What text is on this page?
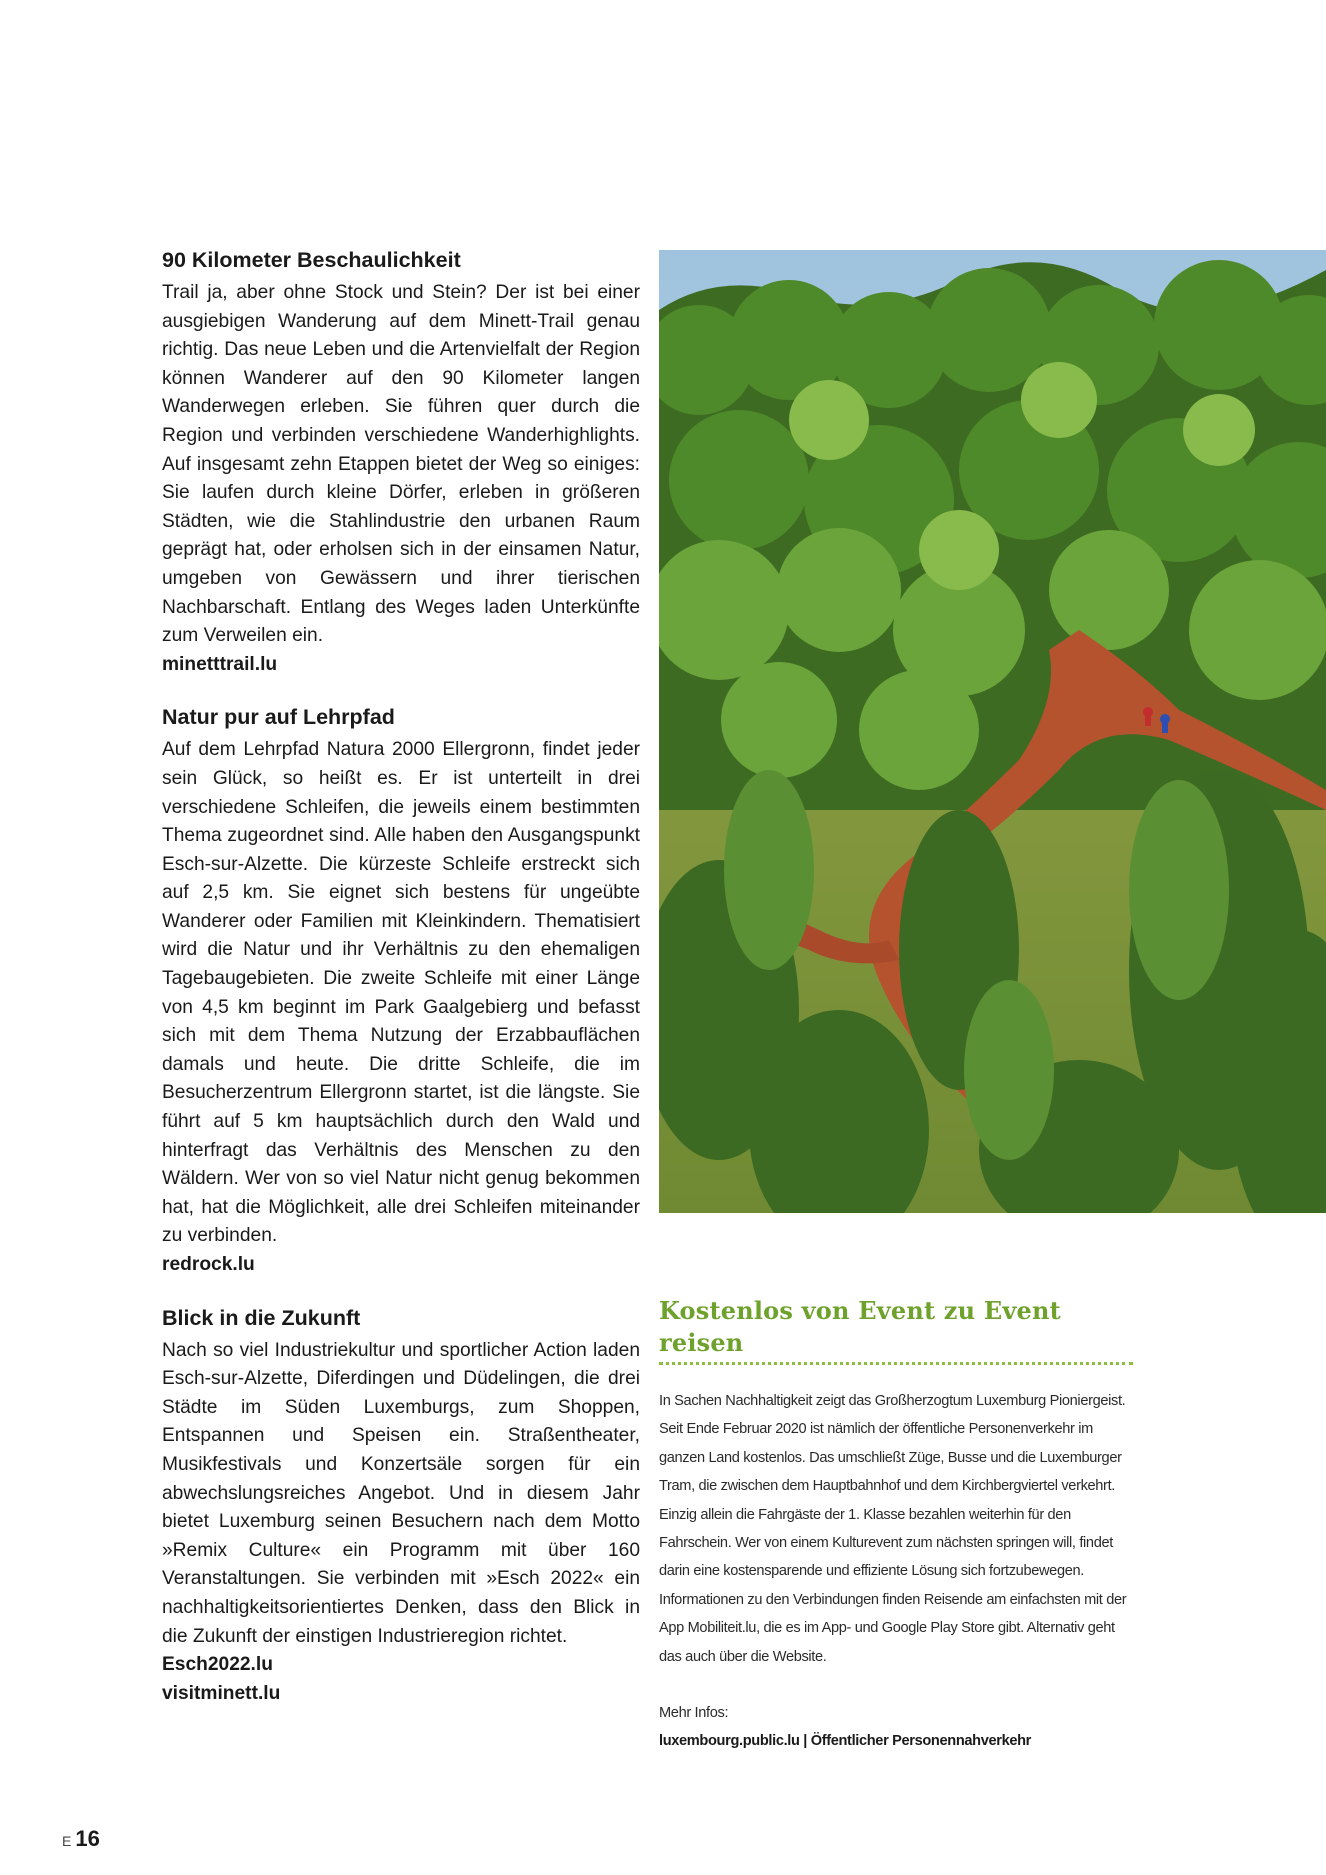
90 Kilometer Beschaulichkeit

Trail ja, aber ohne Stock und Stein? Der ist bei einer ausgiebigen Wanderung auf dem Minett-Trail genau richtig. Das neue Leben und die Artenvielfalt der Region können Wanderer auf den 90 Kilometer langen Wanderwegen erleben. Sie führen quer durch die Region und verbinden verschiedene Wanderhighlights. Auf insgesamt zehn Etappen bietet der Weg so einiges: Sie laufen durch kleine Dörfer, erleben in größeren Städten, wie die Stahlindustrie den urbanen Raum geprägt hat, oder erholsen sich in der einsamen Natur, umgeben von Gewässern und ihrer tierischen Nachbarschaft. Entlang des Weges laden Unterkünfte zum Verweilen ein.

minetttrail.lu
Natur pur auf Lehrpfad

Auf dem Lehrpfad Natura 2000 Ellergronn, findet jeder sein Glück, so heißt es. Er ist unterteilt in drei verschiedene Schleifen, die jeweils einem bestimmten Thema zugeordnet sind. Alle haben den Ausgangspunkt Esch-sur-Alzette. Die kürzeste Schleife erstreckt sich auf 2,5 km. Sie eignet sich bestens für ungeübte Wanderer oder Familien mit Kleinkindern. Thematisiert wird die Natur und ihr Verhältnis zu den ehemaligen Tagebaugebieten. Die zweite Schleife mit einer Länge von 4,5 km beginnt im Park Gaalgebierg und befasst sich mit dem Thema Nutzung der Erzabbauflächen damals und heute. Die dritte Schleife, die im Besucherzentrum Ellergronn startet, ist die längste. Sie führt auf 5 km hauptsächlich durch den Wald und hinterfragt das Verhältnis des Menschen zu den Wäldern. Wer von so viel Natur nicht genug bekommen hat, hat die Möglichkeit, alle drei Schleifen miteinander zu verbinden.

redrock.lu
Blick in die Zukunft

Nach so viel Industriekultur und sportlicher Action laden Esch-sur-Alzette, Diferdingen und Düdelingen, die drei Städte im Süden Luxemburgs, zum Shoppen, Entspannen und Speisen ein. Straßentheater, Musikfestivals und Konzertsäle sorgen für ein abwechslungsreiches Angebot. Und in diesem Jahr bietet Luxemburg seinen Besuchern nach dem Motto »Remix Culture« ein Programm mit über 160 Veranstaltungen. Sie verbinden mit »Esch 2022« ein nachhaltigkeitsorientiertes Denken, dass den Blick in die Zukunft der einstigen Industrieregion richtet.

Esch2022.lu
visitminett.lu
Kostenlos von Event zu Event reisen

In Sachen Nachhaltigkeit zeigt das Großherzogtum Luxemburg Pioniergeist. Seit Ende Februar 2020 ist nämlich der öffentliche Personenverkehr im ganzen Land kostenlos. Das umschließt Züge, Busse und die Luxemburger Tram, die zwischen dem Hauptbahnhof und dem Kirchbergviertel verkehrt. Einzig allein die Fahrgäste der 1. Klasse bezahlen weiterhin für den Fahrschein. Wer von einem Kulturevent zum nächsten springen will, findet darin eine kostensparende und effiziente Lösung sich fortzubewegen. Informationen zu den Verbindungen finden Reisende am einfachsten mit der App Mobiliteit.lu, die es im App- und Google Play Store gibt. Alternativ geht das auch über die Website.

Mehr Infos:

luxembourg.public.lu | Öffentlicher Personennahverkehr

E 16
